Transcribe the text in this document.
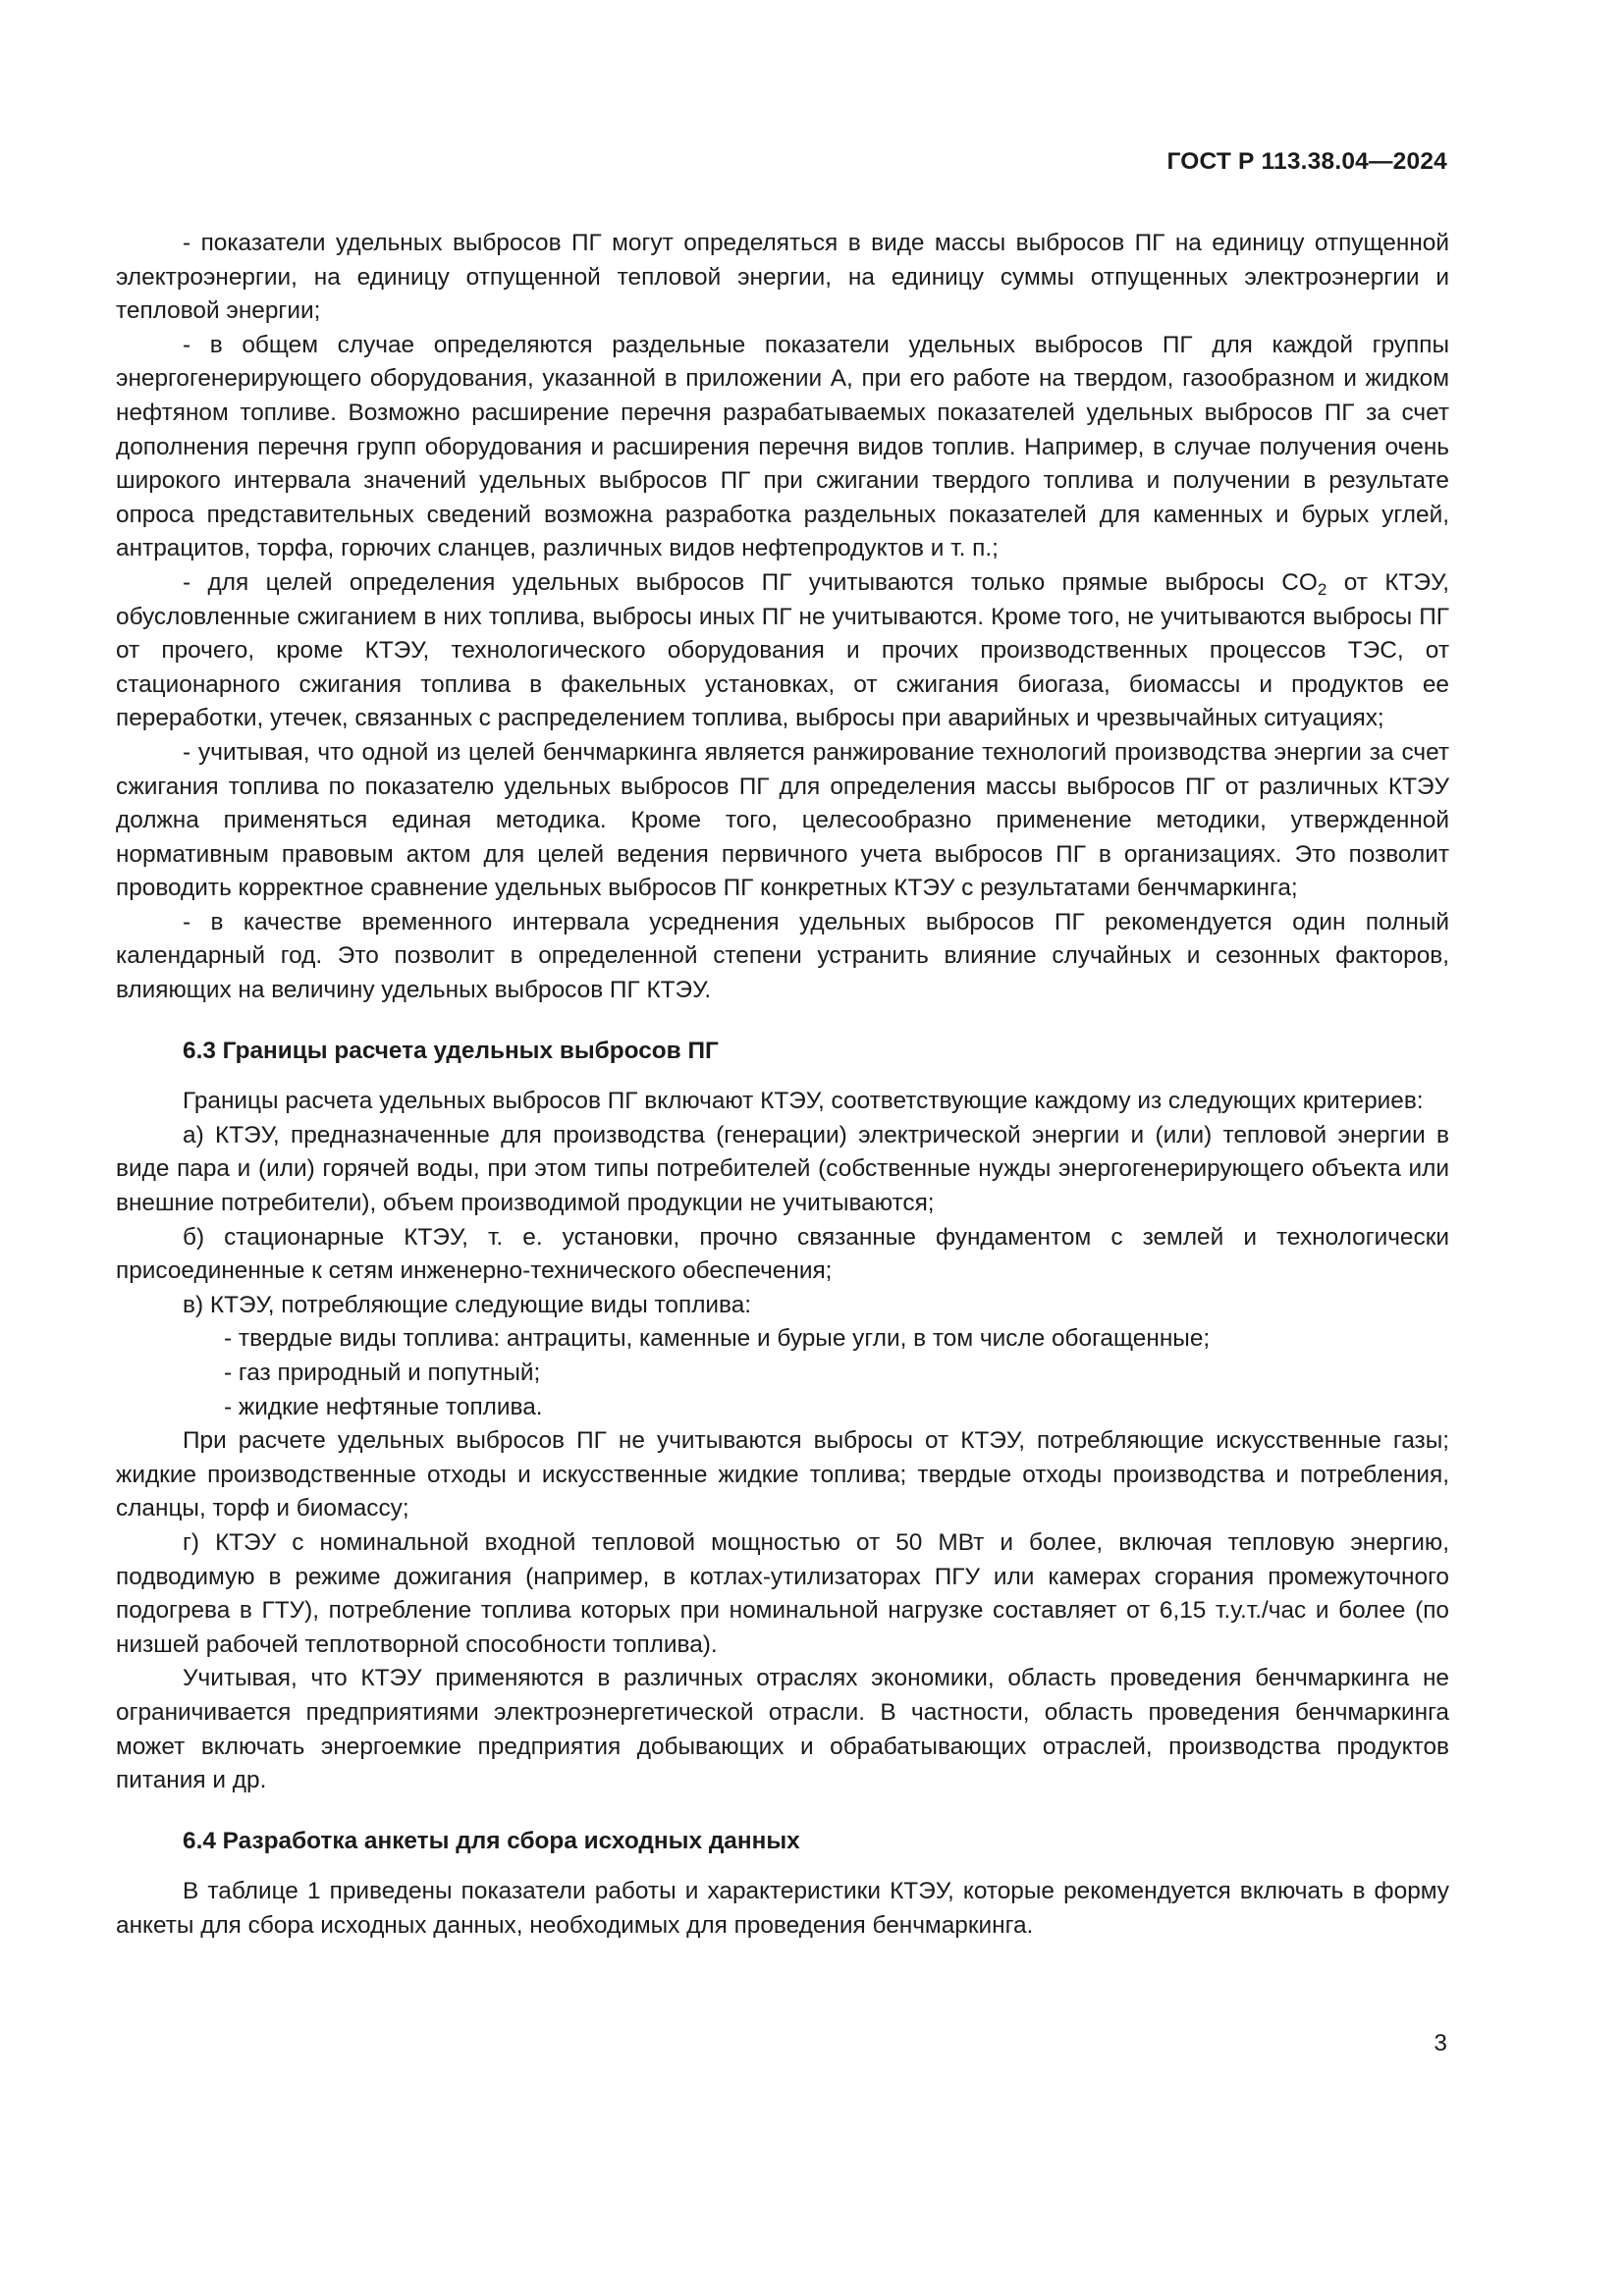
ГОСТ Р 113.38.04—2024

- показатели удельных выбросов ПГ могут определяться в виде массы выбросов ПГ на единицу отпущенной электроэнергии, на единицу отпущенной тепловой энергии, на единицу суммы отпущенных электроэнергии и тепловой энергии;

- в общем случае определяются раздельные показатели удельных выбросов ПГ для каждой группы энергогенерирующего оборудования, указанной в приложении А, при его работе на твердом, газообразном и жидком нефтяном топливе. Возможно расширение перечня разрабатываемых показателей удельных выбросов ПГ за счет дополнения перечня групп оборудования и расширения перечня видов топлив. Например, в случае получения очень широкого интервала значений удельных выбросов ПГ при сжигании твердого топлива и получении в результате опроса представительных сведений возможна разработка раздельных показателей для каменных и бурых углей, антрацитов, торфа, горючих сланцев, различных видов нефтепродуктов и т. п.;

- для целей определения удельных выбросов ПГ учитываются только прямые выбросы $CO_2$ от КТЭУ, обусловленные сжиганием в них топлива, выбросы иных ПГ не учитываются. Кроме того, не учитываются выбросы ПГ от прочего, кроме КТЭУ, технологического оборудования и прочих производственных процессов ТЭС, от стационарного сжигания топлива в факельных установках, от сжигания биогаза, биомассы и продуктов ее переработки, утечек, связанных с распределением топлива, выбросы при аварийных и чрезвычайных ситуациях;

- учитывая, что одной из целей бенчмаркинга является ранжирование технологий производства энергии за счет сжигания топлива по показателю удельных выбросов ПГ для определения массы выбросов ПГ от различных КТЭУ должна применяться единая методика. Кроме того, целесообразно применение методики, утвержденной нормативным правовым актом для целей ведения первичного учета выбросов ПГ в организациях. Это позволит проводить корректное сравнение удельных выбросов ПГ конкретных КТЭУ с результатами бенчмаркинга;

- в качестве временного интервала усреднения удельных выбросов ПГ рекомендуется один полный календарный год. Это позволит в определенной степени устранить влияние случайных и сезонных факторов, влияющих на величину удельных выбросов ПГ КТЭУ.

6.3 Границы расчета удельных выбросов ПГ

Границы расчета удельных выбросов ПГ включают КТЭУ, соответствующие каждому из следующих критериев:

а) КТЭУ, предназначенные для производства (генерации) электрической энергии и (или) тепловой энергии в виде пара и (или) горячей воды, при этом типы потребителей (собственные нужды энергогенерирующего объекта или внешние потребители), объем производимой продукции не учитываются;

б) стационарные КТЭУ, т. е. установки, прочно связанные фундаментом с землей и технологически присоединенные к сетям инженерно-технического обеспечения;

в) КТЭУ, потребляющие следующие виды топлива:

- твердые виды топлива: антрациты, каменные и бурые угли, в том числе обогащенные;

- газ природный и попутный;

- жидкие нефтяные топлива.

При расчете удельных выбросов ПГ не учитываются выбросы от КТЭУ, потребляющие искусственные газы; жидкие производственные отходы и искусственные жидкие топлива; твердые отходы производства и потребления, сланцы, торф и биомассу;

г) КТЭУ с номинальной входной тепловой мощностью от 50 МВт и более, включая тепловую энергию, подводимую в режиме дожигания (например, в котлах-утилизаторах ПГУ или камерах сгорания промежуточного подогрева в ГТУ), потребление топлива которых при номинальной нагрузке составляет от 6,15 т.у.т./час и более (по низшей рабочей теплотворной способности топлива).

Учитывая, что КТЭУ применяются в различных отраслях экономики, область проведения бенчмаркинга не ограничивается предприятиями электроэнергетической отрасли. В частности, область проведения бенчмаркинга может включать энергоемкие предприятия добывающих и обрабатывающих отраслей, производства продуктов питания и др.

6.4 Разработка анкеты для сбора исходных данных

В таблице 1 приведены показатели работы и характеристики КТЭУ, которые рекомендуется включать в форму анкеты для сбора исходных данных, необходимых для проведения бенчмаркинга.

3
